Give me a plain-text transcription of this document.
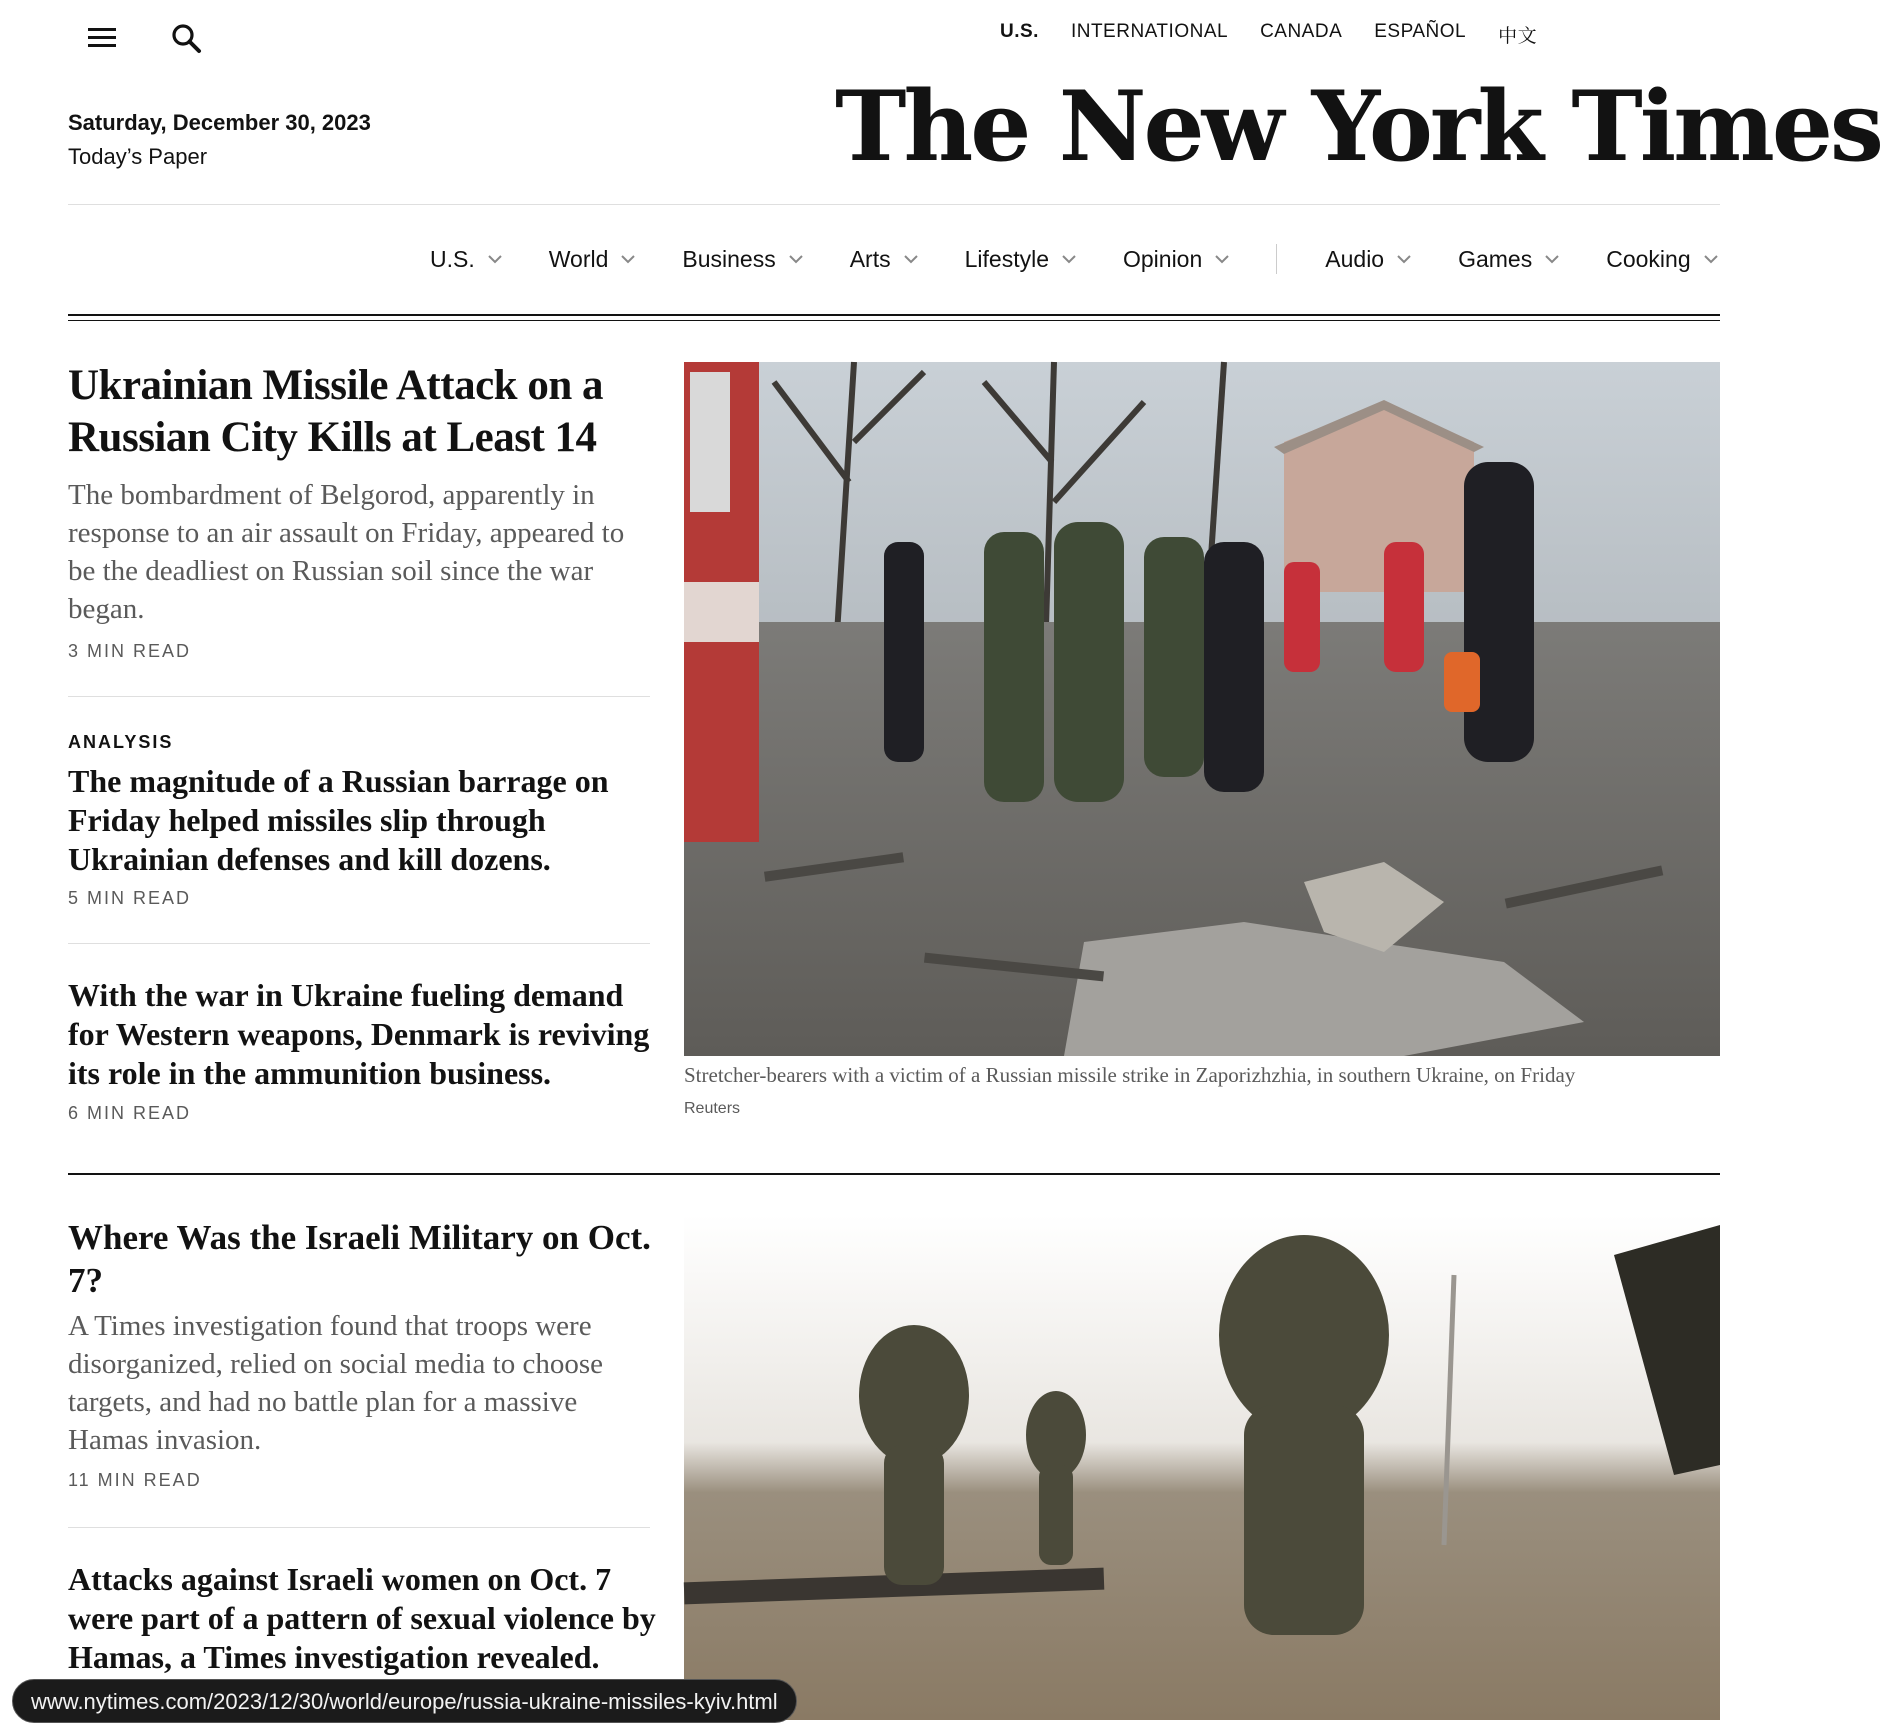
U.S. INTERNATIONAL CANADA ESPAÑOL 中文
Saturday, December 30, 2023
Today’s Paper	The New York Times
U.S.	World	Business	Arts	Lifestyle	Opinion	Audio	Games	Cooking
Ukrainian Missile Attack on a Russian City Kills at Least 14
The bombardment of Belgorod, apparently in response to an air assault on Friday, appeared to be the deadliest on Russian soil since the war began.
3 MIN READ
ANALYSIS
The magnitude of a Russian barrage on Friday helped missiles slip through Ukrainian defenses and kill dozens.
5 MIN READ
With the war in Ukraine fueling demand for Western weapons, Denmark is reviving its role in the ammunition business.
6 MIN READ
Stretcher-bearers with a victim of a Russian missile strike in Zaporizhzhia, in southern Ukraine, on Friday
Reuters
Where Was the Israeli Military on Oct. 7?
A Times investigation found that troops were disorganized, relied on social media to choose targets, and had no battle plan for a massive Hamas invasion.
11 MIN READ
Attacks against Israeli women on Oct. 7 were part of a pattern of sexual violence by Hamas, a Times investigation revealed.
www.nytimes.com/2023/12/30/world/europe/russia-ukraine-missiles-kyiv.html
